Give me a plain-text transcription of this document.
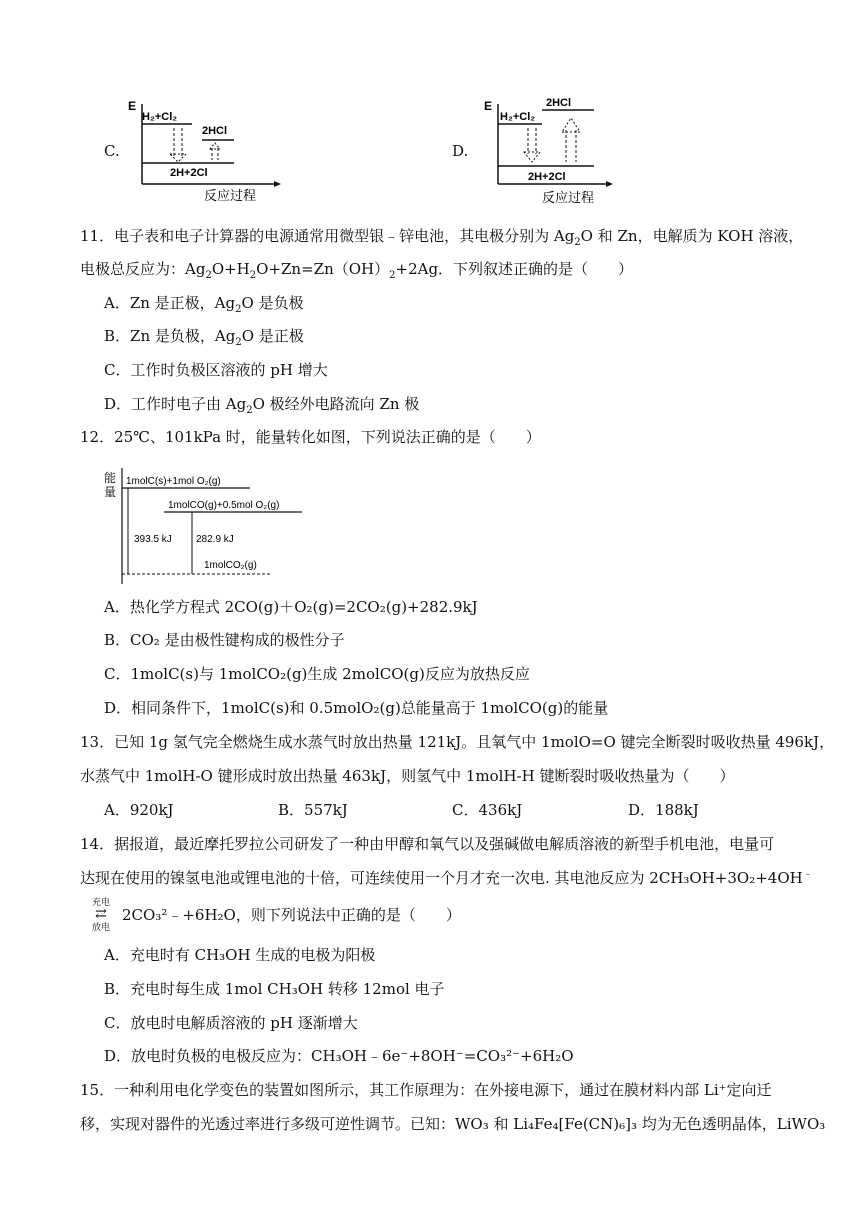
C.
E
H₂+Cl₂
2H+2Cl
2HCl
反应过程
D.
E
H₂+Cl₂
2HCl
2H+2Cl
反应过程
11．电子表和电子计算器的电源通常用微型银﹣锌电池，其电极分别为 $Ag_2O$ 和 Zn，电解质为 KOH 溶液，
电极总反应为：$Ag_2O+H_2O+Zn=Zn(OH)_2+2Ag$．下列叙述正确的是（　　）
A．Zn 是正极，$Ag_2O$ 是负极
B．Zn 是负极，$Ag_2O$ 是正极
C．工作时负极区溶液的 pH 增大
D．工作时电子由 $Ag_2O$ 极经外电路流向 Zn 极
12．25℃、101kPa 时，能量转化如图，下列说法正确的是（　　）
能
量
1molC(s)+1mol O₂(g)
1molCO(g)+0.5mol O₂(g)
1molCO₂(g)
393.5 kJ 282.9 kJ
A．热化学方程式 2CO(g)＋O₂(g)=2CO₂(g)+282.9kJ
B．CO₂ 是由极性键构成的极性分子
C．1molC(s)与 1molCO₂(g)生成 2molCO(g)反应为放热反应
D．相同条件下，1molC(s)和 0.5molO₂(g)总能量高于 1molCO(g)的能量
13．已知 1g 氢气完全燃烧生成水蒸气时放出热量 121kJ。且氧气中 1molO=O 键完全断裂时吸收热量 496kJ，
水蒸气中 1molH-O 键形成时放出热量 463kJ，则氢气中 1molH-H 键断裂时吸收热量为（　　）
A．920kJ	B．557kJ	C．436kJ	D．188kJ
14．据报道，最近摩托罗拉公司研发了一种由甲醇和氧气以及强碱做电解质溶液的新型手机电池，电量可
达现在使用的镍氢电池或锂电池的十倍，可连续使用一个月才充一次电. 其电池反应为 2CH₃OH+3O₂+4OH﹣
充电
⇄
放电
2CO₃²﹣+6H₂O，则下列说法中正确的是（　　）
A．充电时有 CH₃OH 生成的电极为阳极
B．充电时每生成 1mol CH₃OH 转移 12mol 电子
C．放电时电解质溶液的 pH 逐渐增大
D．放电时负极的电极反应为：CH₃OH﹣6e⁻+8OH⁻=CO₃²⁻+6H₂O
15．一种利用电化学变色的装置如图所示，其工作原理为：在外接电源下，通过在膜材料内部 Li⁺定向迁
移，实现对器件的光透过率进行多级可逆性调节。已知：WO₃ 和 Li₄Fe₄[Fe(CN)₆]₃ 均为无色透明晶体，LiWO₃
